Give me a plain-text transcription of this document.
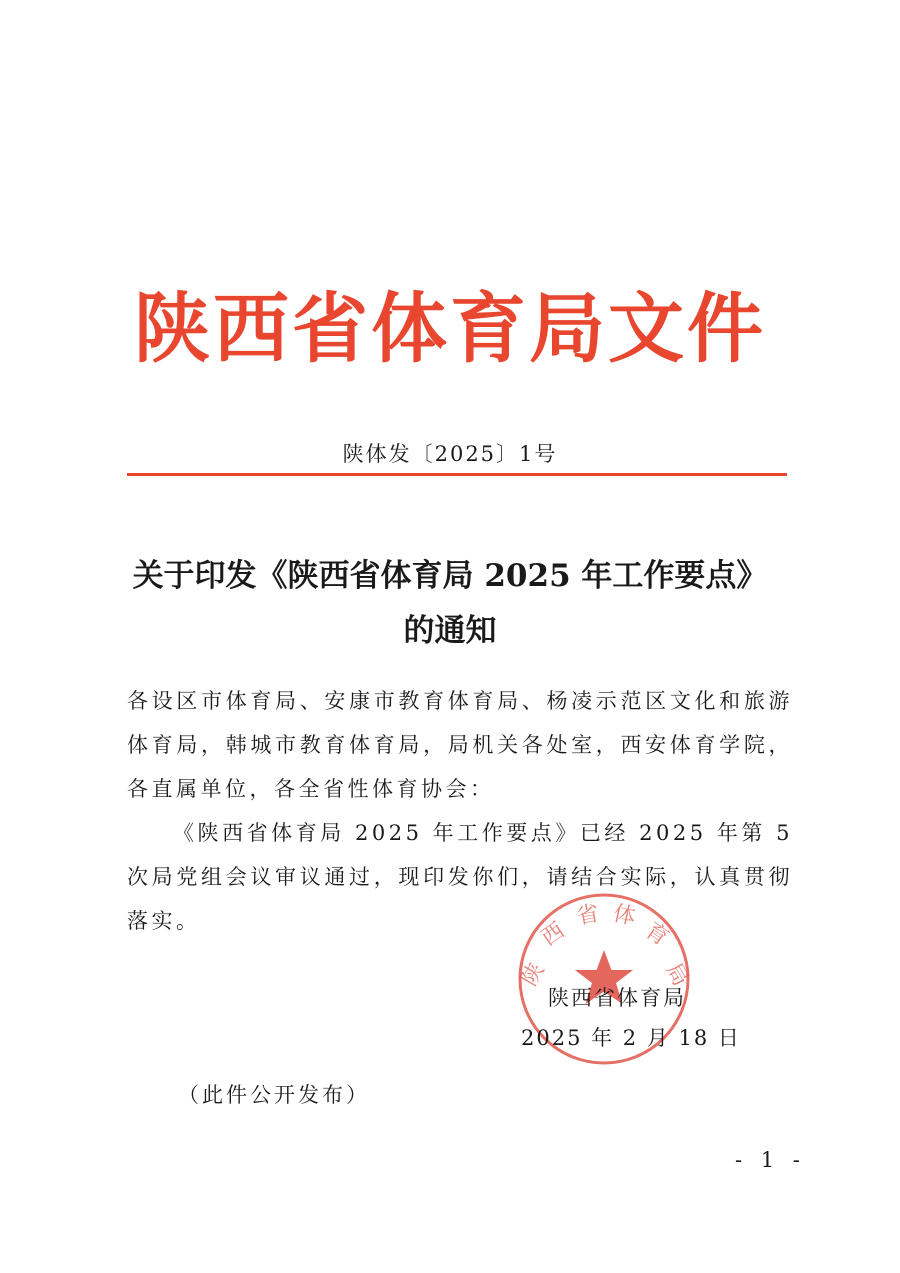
陕西省体育局文件
陕体发〔2025〕1号
关于印发《陕西省体育局 2025 年工作要点》
的通知
各设区市体育局、安康市教育体育局、杨凌示范区文化和旅游体育局，韩城市教育体育局，局机关各处室，西安体育学院，各直属单位，各全省性体育协会：
《陕西省体育局 2025 年工作要点》已经 2025 年第 5 次局党组会议审议通过，现印发你们，请结合实际，认真贯彻落实。
陕
西
省 体
育
局
陕西省体育局
2025 年 2 月 18 日
（此件公开发布）
- 1 -
